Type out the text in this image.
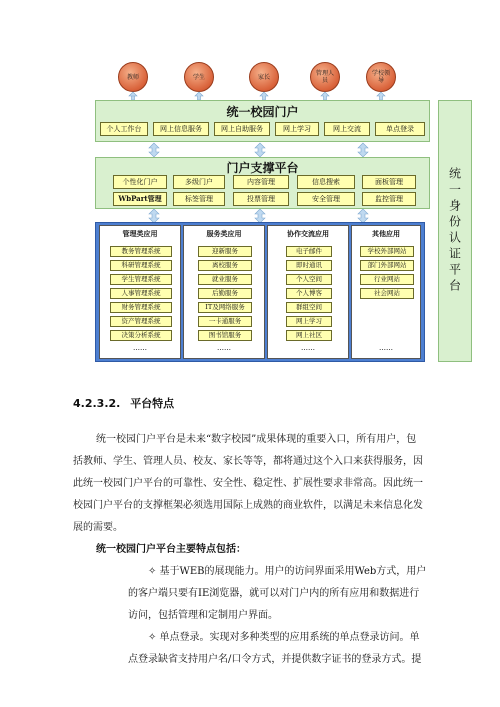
教师	学生	家长	管理人员
学校领导
统一校园门户
个人工作台	网上信息服务	网上自助服务	网上学习	网上交流	单点登录
门户支撑平台
个性化门户	多级门户	内容管理	信息搜索	面板管理
WbPart管理	标签管理	投票管理	安全管理	监控管理
管理类应用
教务管理系统
科研管理系统
学生管理系统
人事管理系统
财务管理系统
资产管理系统
决策分析系统
……
服务类应用
迎新服务
离校服务
就业服务
后勤服务
IT及网络服务
一卡通服务
图书馆服务
……
协作交流应用
电子邮件
即时通讯
个人空间
个人博客
群组空间
网上学习
网上社区
……
其他应用
学校外部网站
部门外部网站
行业网站
社会网站
……
统一身份认证平台
4.2.3.2. 平台特点
统一校园门户平台是未来“数字校园”成果体现的重要入口，所有用户，包
括教师、学生、管理人员、校友、家长等等，都将通过这个入口来获得服务，因
此统一校园门户平台的可靠性、安全性、稳定性、扩展性要求非常高。因此统一
校园门户平台的支撑框架必须选用国际上成熟的商业软件，以满足未来信息化发
展的需要。
统一校园门户平台主要特点包括：
✧ 基于WEB的展现能力。用户的访问界面采用Web方式，用户
的客户端只要有IE浏览器，就可以对门户内的所有应用和数据进行
访问，包括管理和定制用户界面。
✧ 单点登录。实现对多种类型的应用系统的单点登录访问。单
点登录缺省支持用户名/口令方式，并提供数字证书的登录方式。提
